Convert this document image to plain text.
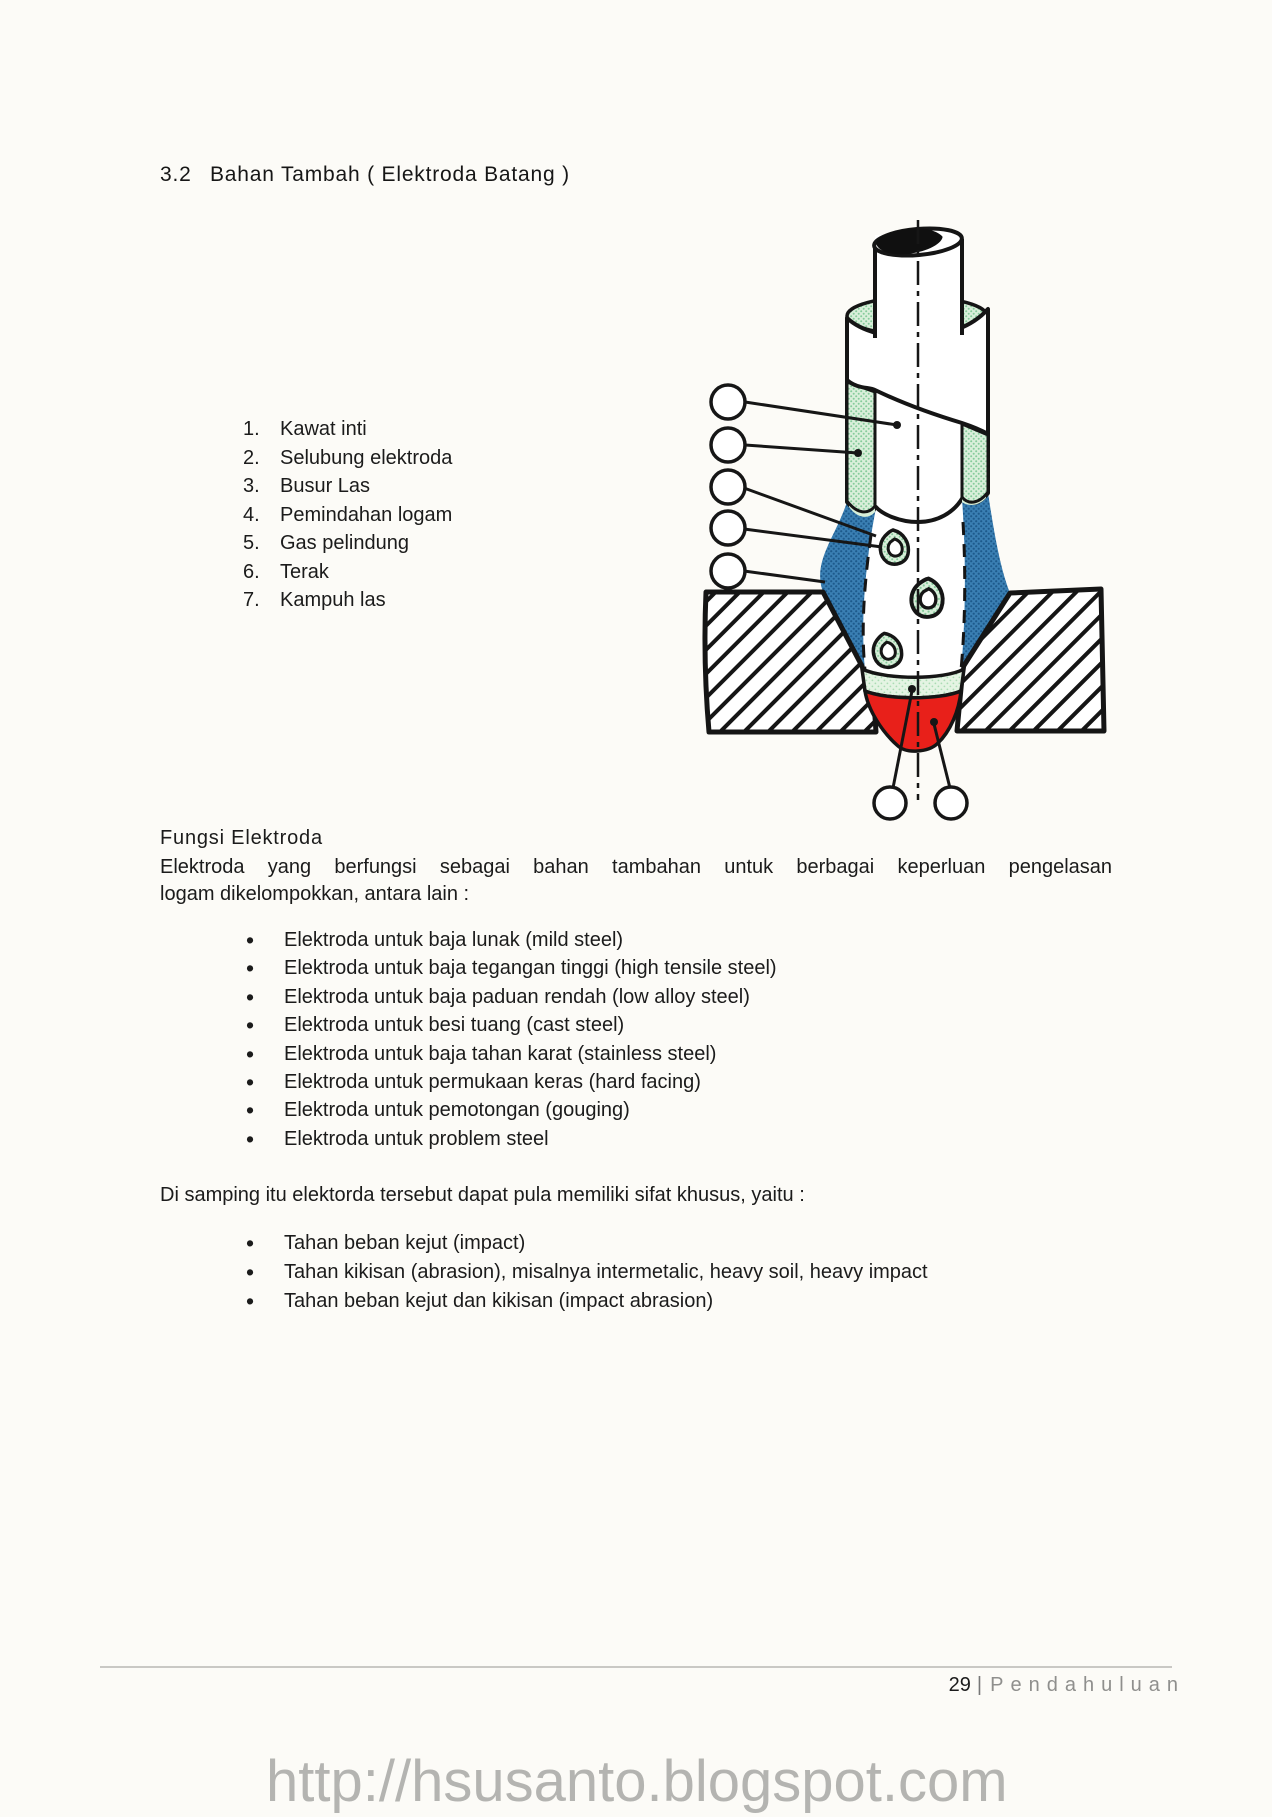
3.2 Bahan Tambah ( Elektroda Batang )
1.	Kawat inti
2.	Selubung elektroda
3.	Busur Las
4.	Pemindahan logam
5.	Gas pelindung
6.	Terak
7.	Kampuh las
Fungsi Elektroda
Elektroda yang berfungsi sebagai bahan tambahan untuk berbagai keperluan pengelasan
logam dikelompokkan, antara lain :
•	Elektroda untuk baja lunak (mild steel)
•	Elektroda untuk baja tegangan tinggi (high tensile steel)
•	Elektroda untuk baja paduan rendah (low alloy steel)
•	Elektroda untuk besi tuang (cast steel)
•	Elektroda untuk baja tahan karat (stainless steel)
•	Elektroda untuk permukaan keras (hard facing)
•	Elektroda untuk pemotongan (gouging)
•	Elektroda untuk problem steel
Di samping itu elektorda tersebut dapat pula memiliki sifat khusus, yaitu :
•	Tahan beban kejut (impact)
•	Tahan kikisan (abrasion), misalnya intermetalic, heavy soil, heavy impact
•	Tahan beban kejut dan kikisan (impact abrasion)
29 | Pendahuluan
http://hsusanto.blogspot.com
